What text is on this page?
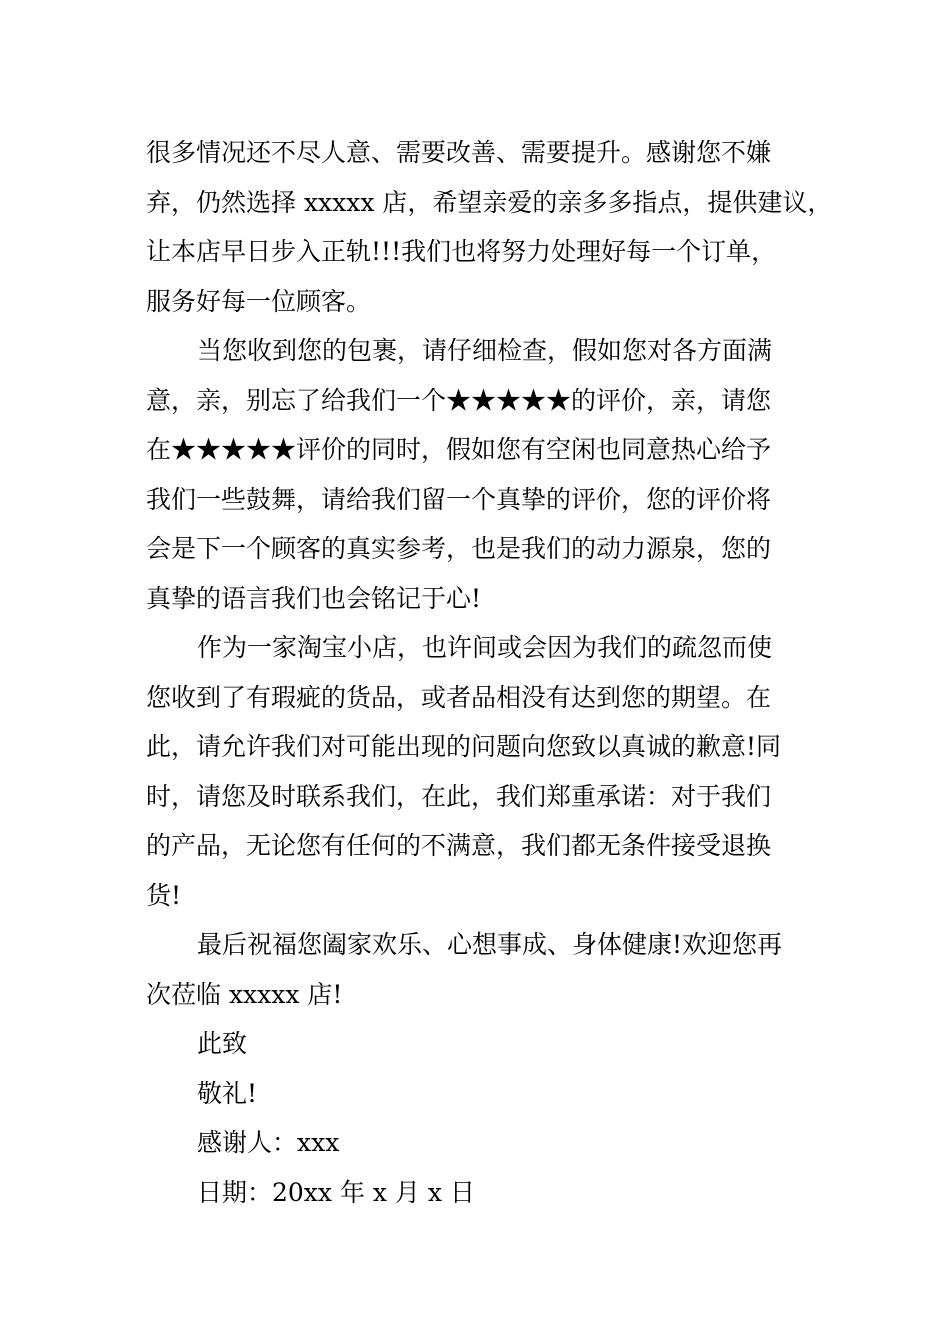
很多情况还不尽人意、需要改善、需要提升。感谢您不嫌
弃，仍然选择 xxxxx 店，希望亲爱的亲多多指点，提供建议，
让本店早日步入正轨!!!我们也将努力处理好每一个订单，
服务好每一位顾客。
当您收到您的包裹，请仔细检查，假如您对各方面满
意，亲，别忘了给我们一个★★★★★的评价，亲，请您
在★★★★★评价的同时，假如您有空闲也同意热心给予
我们一些鼓舞，请给我们留一个真挚的评价，您的评价将
会是下一个顾客的真实参考，也是我们的动力源泉，您的
真挚的语言我们也会铭记于心!
作为一家淘宝小店，也许间或会因为我们的疏忽而使
您收到了有瑕疵的货品，或者品相没有达到您的期望。在
此，请允许我们对可能出现的问题向您致以真诚的歉意!同
时，请您及时联系我们，在此，我们郑重承诺：对于我们
的产品，无论您有任何的不满意，我们都无条件接受退换
货!
最后祝福您阖家欢乐、心想事成、身体健康!欢迎您再
次莅临 xxxxx 店!
此致
敬礼!
感谢人：xxx
日期：20xx 年 x 月 x 日
